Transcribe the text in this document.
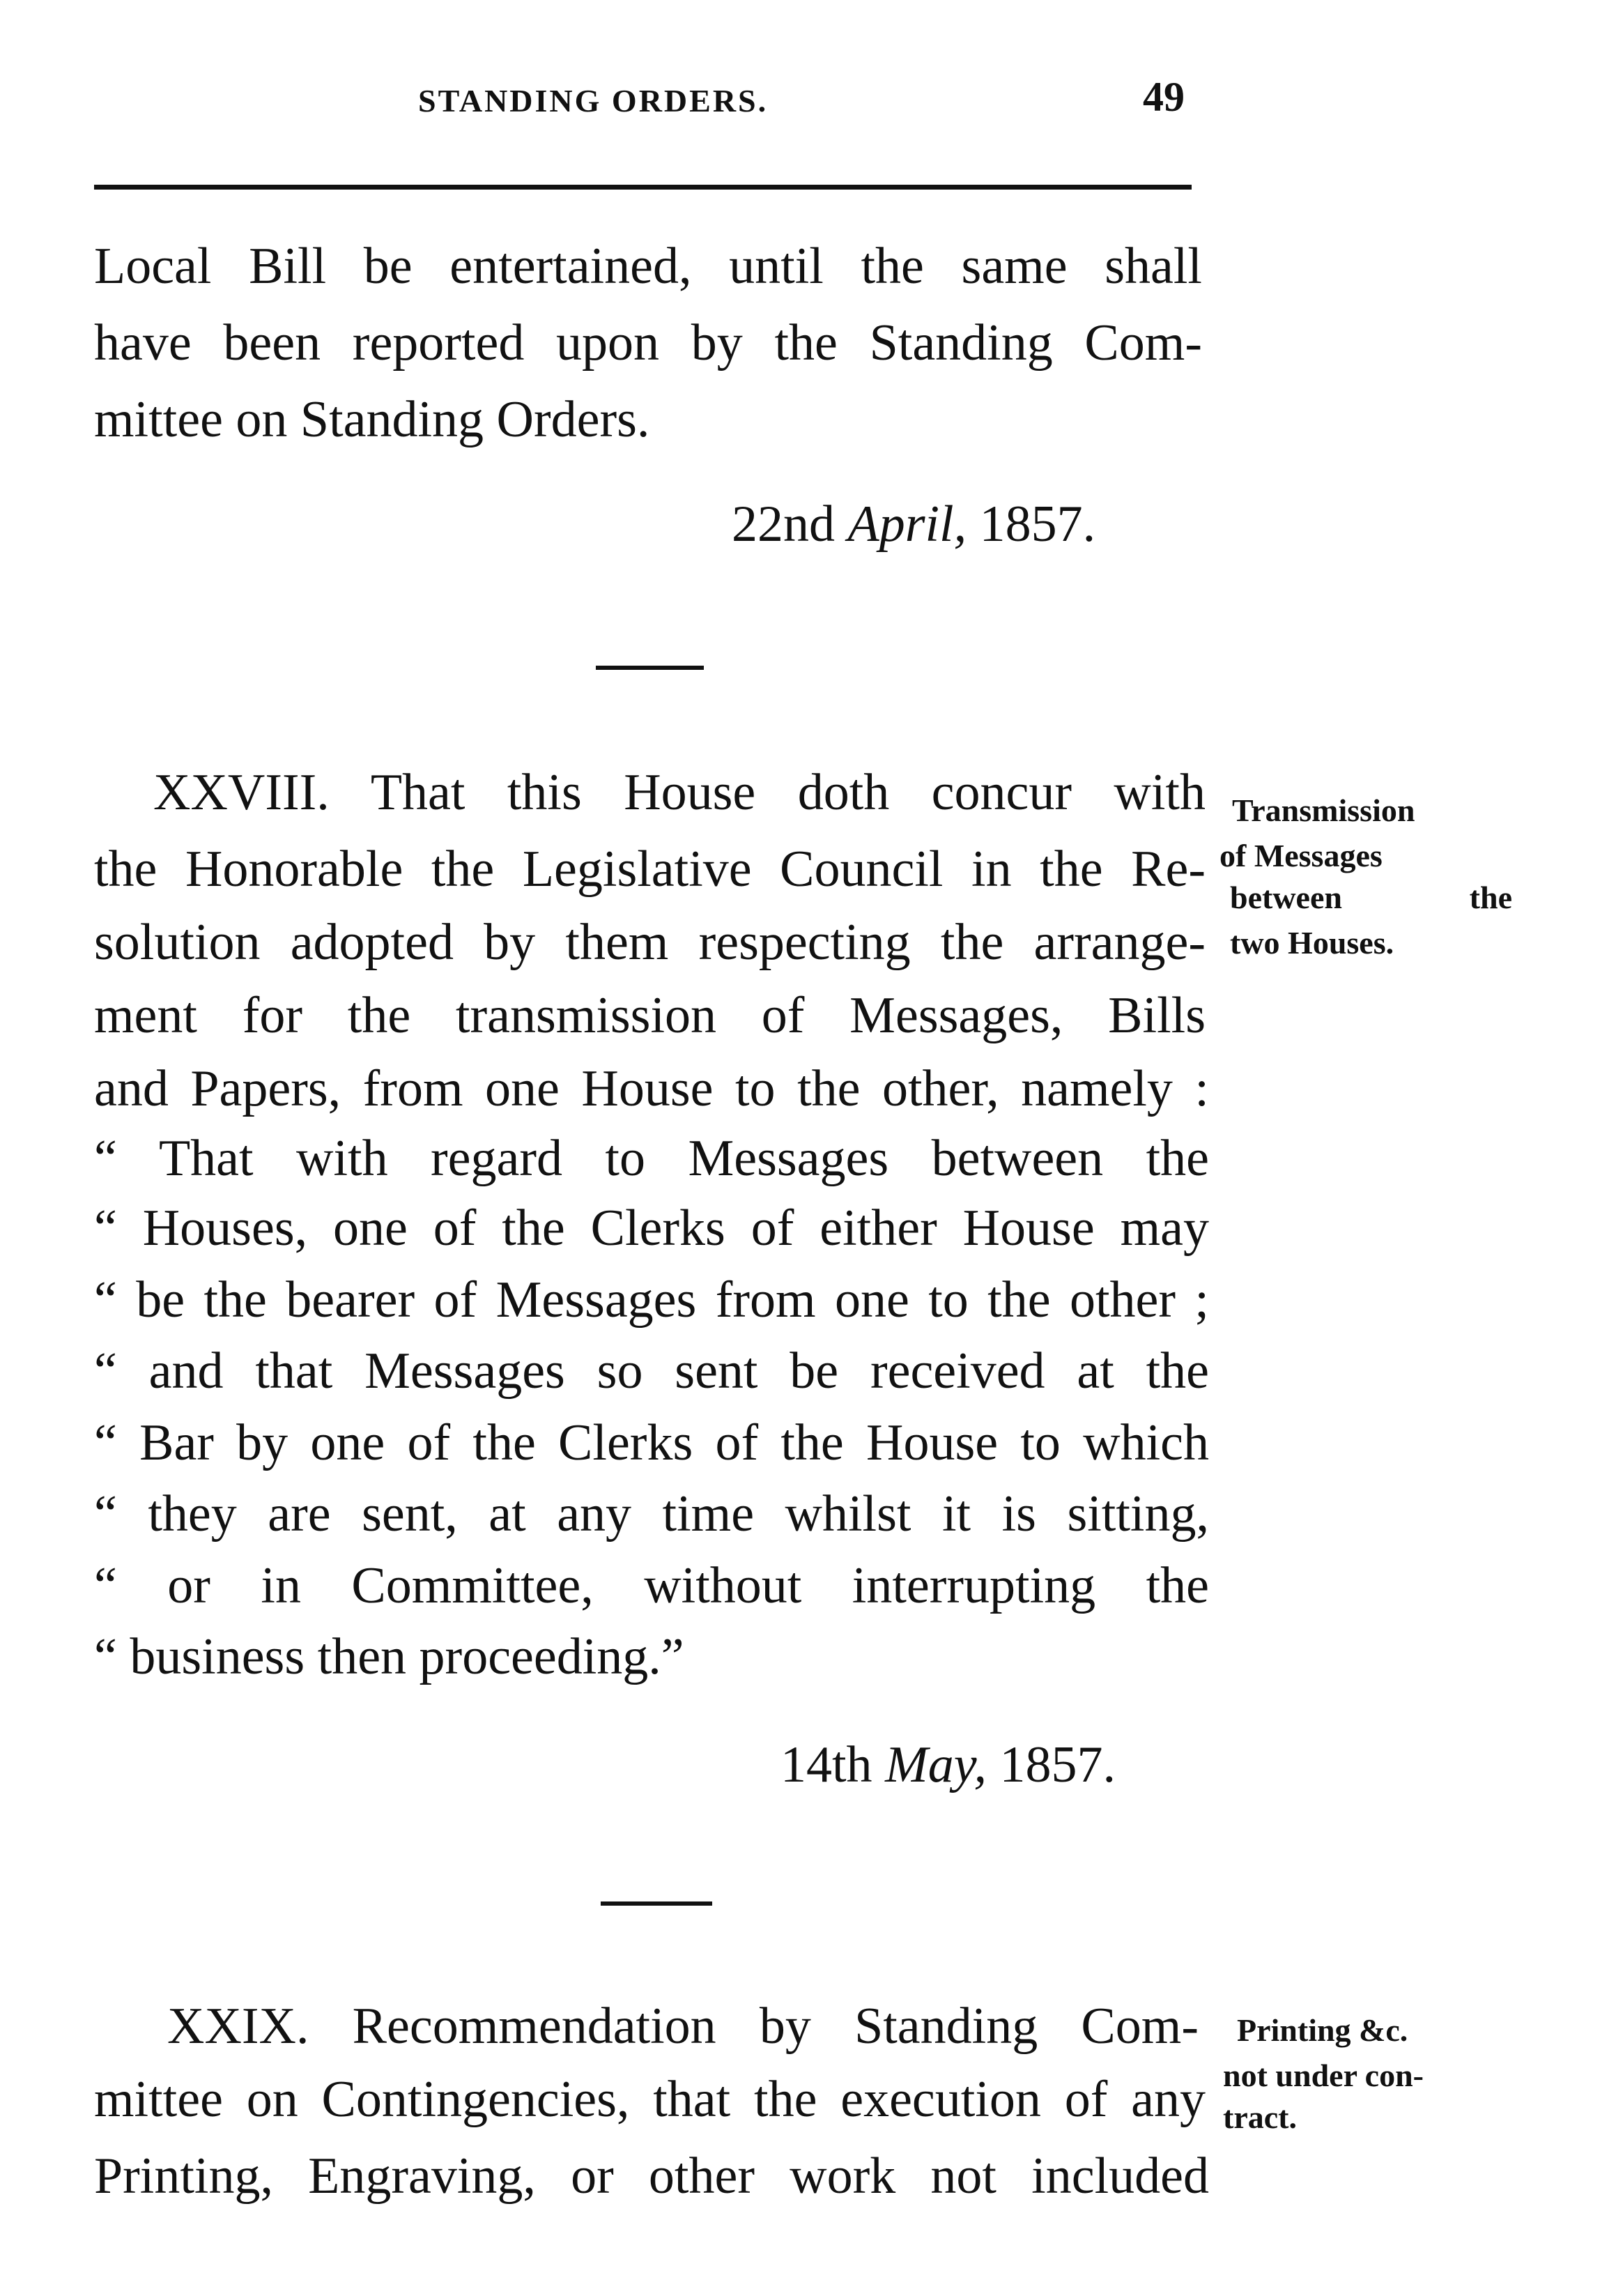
STANDING ORDERS.	49
Local Bill be entertained, until the same shall
have been reported upon by the Standing Com-
mittee on Standing Orders.
22nd April, 1857.
XXVIII. That this House doth concur with
the Honorable the Legislative Council in the Re-
solution adopted by them respecting the arrange-
ment for the transmission of Messages, Bills
and Papers, from one House to the other, namely :
“ That with regard to Messages between the
“ Houses, one of the Clerks of either House may
“ be the bearer of Messages from one to the other ;
“ and that Messages so sent be received at the
“ Bar by one of the Clerks of the House to which
“ they are sent, at any time whilst it is sitting,
“ or in Committee, without interrupting the
“ business then proceeding.”
Transmission
of Messages
between the
two Houses.
14th May, 1857.
XXIX. Recommendation by Standing Com-
mittee on Contingencies, that the execution of any
Printing, Engraving, or other work not included
Printing &c.
not under con-
tract.
